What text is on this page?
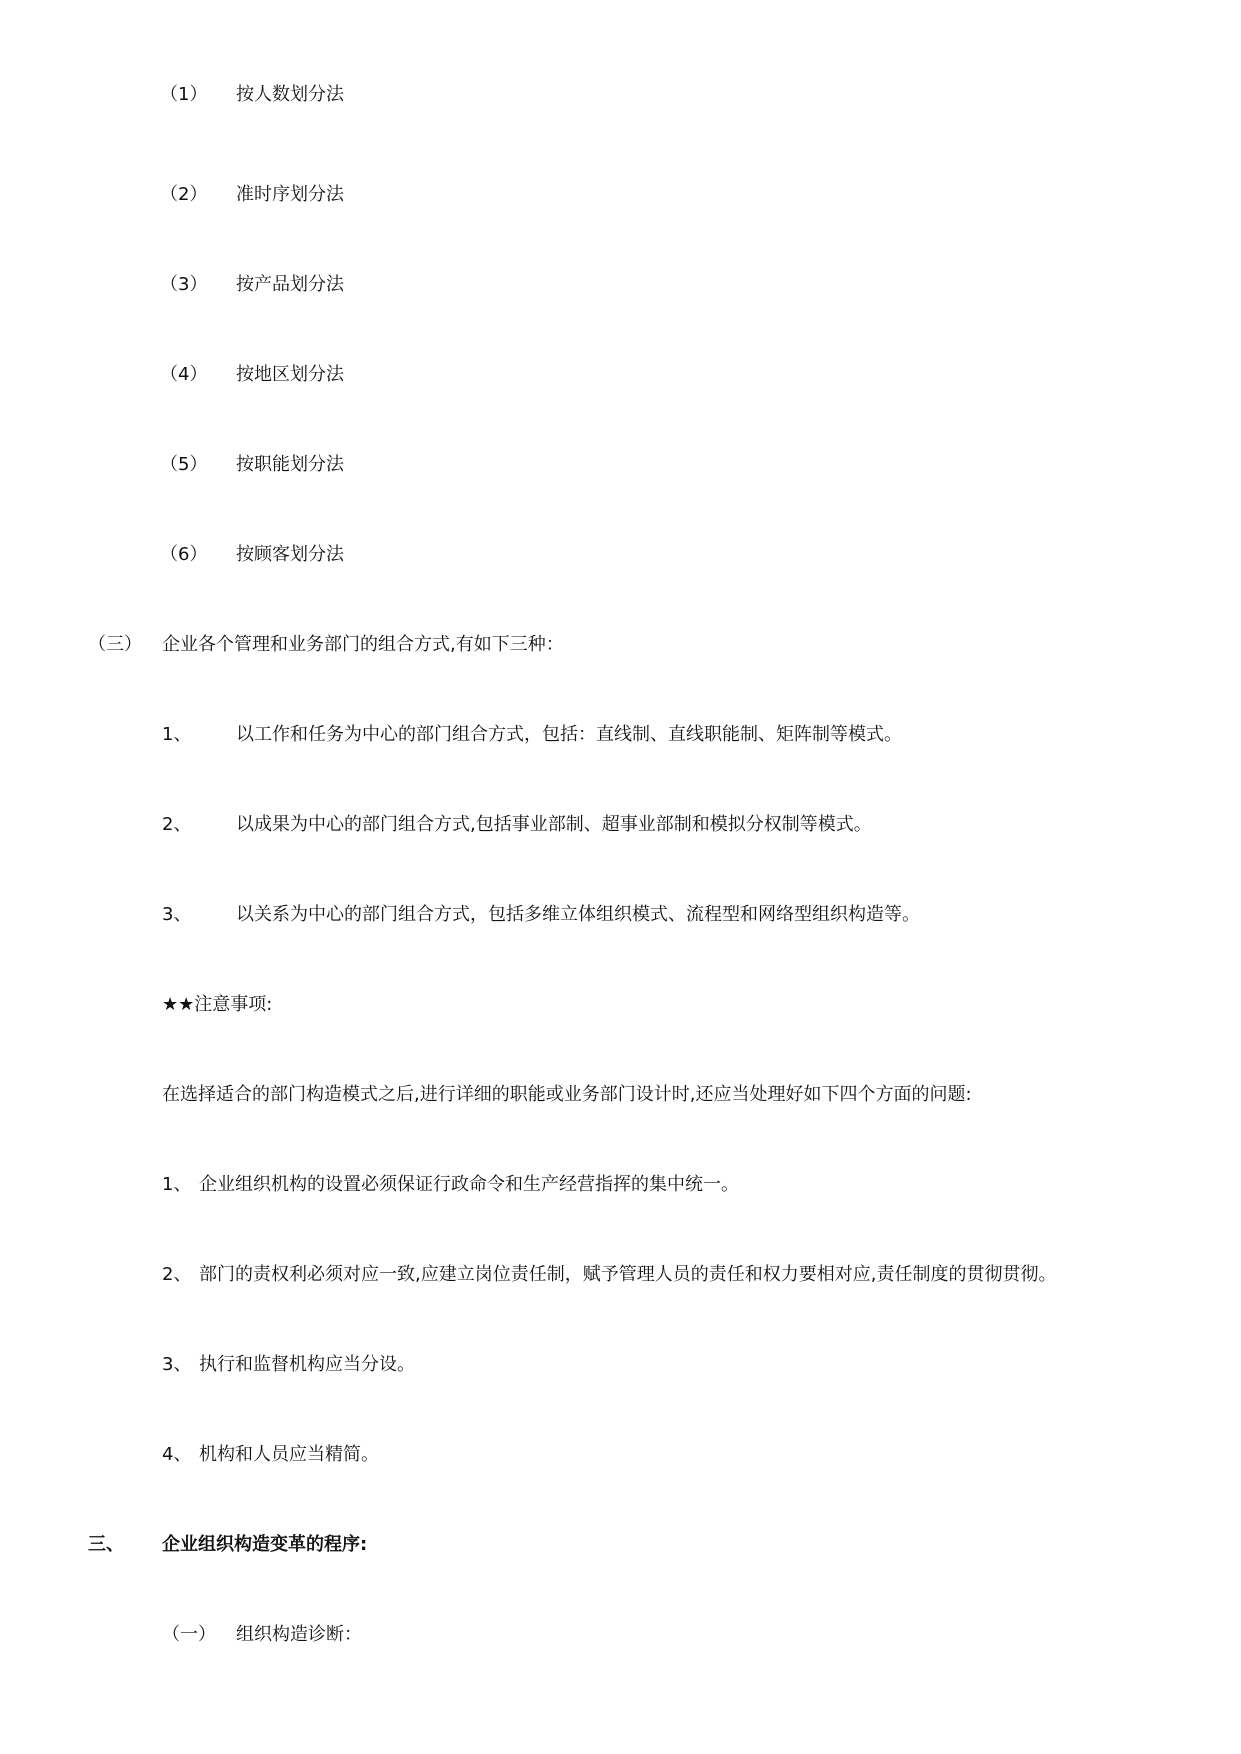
（1） 按人数划分法
（2） 准时序划分法
（3） 按产品划分法
（4） 按地区划分法
（5） 按职能划分法
（6） 按顾客划分法
（三） 企业各个管理和业务部门的组合方式,有如下三种：
1、 以工作和任务为中心的部门组合方式，包括：直线制、直线职能制、矩阵制等模式。
2、 以成果为中心的部门组合方式,包括事业部制、超事业部制和模拟分权制等模式。
3、 以关系为中心的部门组合方式，包括多维立体组织模式、流程型和网络型组织构造等。
★★注意事项:
在选择适合的部门构造模式之后,进行详细的职能或业务部门设计时,还应当处理好如下四个方面的问题:
1、 企业组织机构的设置必须保证行政命令和生产经营指挥的集中统一。
2、 部门的责权利必须对应一致,应建立岗位责任制，赋予管理人员的责任和权力要相对应,责任制度的贯彻贯彻。
3、 执行和监督机构应当分设。
4、 机构和人员应当精简。
三、 企业组织构造变革的程序:
（一） 组织构造诊断：
